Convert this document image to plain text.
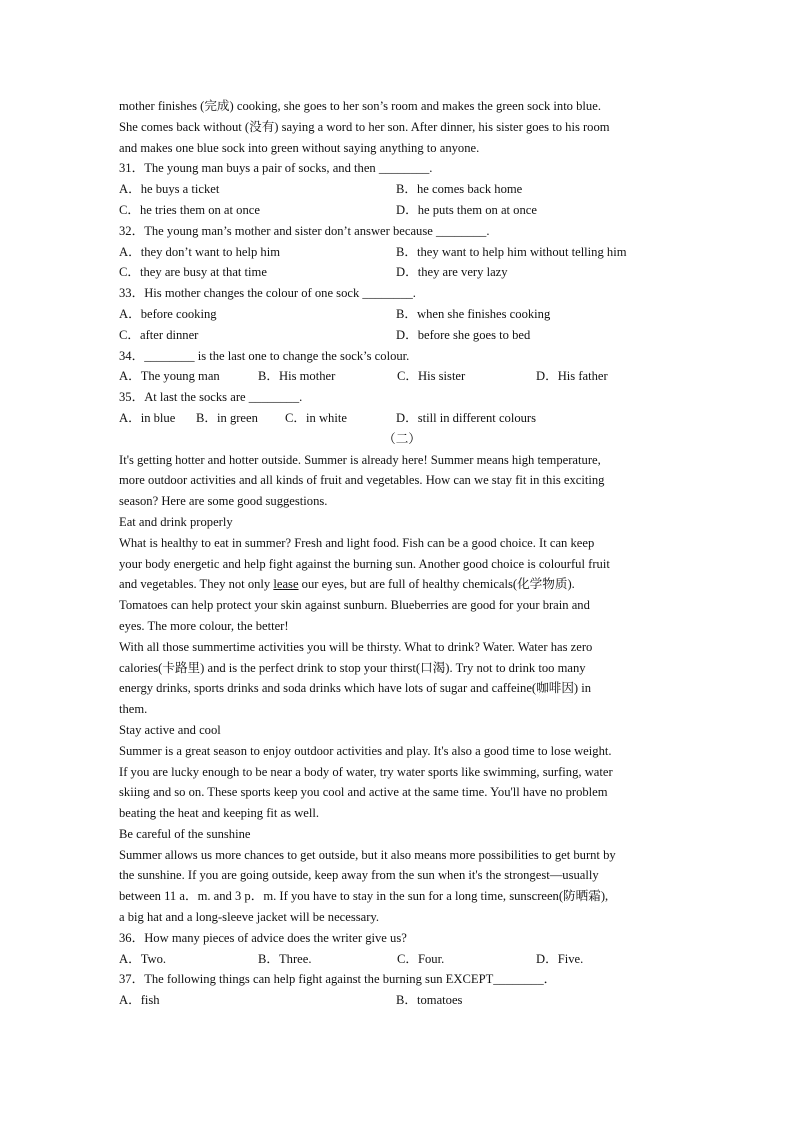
mother finishes (完成) cooking, she goes to her son’s room and makes the green sock into blue.
She comes back without (没有) saying a word to her son. After dinner, his sister goes to his room
and makes one blue sock into green without saying anything to anyone.
31．The young man buys a pair of socks, and then ________.
A．he buys a ticket	B．he comes back home
C．he tries them on at once	D．he puts them on at once
32．The young man’s mother and sister don’t answer because ________.
A．they don’t want to help him	B．they want to help him without telling him
C．they are busy at that time	D．they are very lazy
33．His mother changes the colour of one sock ________.
A．before cooking	B．when she finishes cooking
C．after dinner	D．before she goes to bed
34．________ is the last one to change the sock’s colour.
A．The young man	B．His mother	C．His sister	D．His father
35．At last the socks are ________.
A．in blue	B．in green	C．in white	D．still in different colours
（二）
It's getting hotter and hotter outside. Summer is already here! Summer means high temperature,
more outdoor activities and all kinds of fruit and vegetables. How can we stay fit in this exciting
season? Here are some good suggestions.
Eat and drink properly
What is healthy to eat in summer? Fresh and light food. Fish can be a good choice. It can keep
your body energetic and help fight against the burning sun. Another good choice is colourful fruit
and vegetables. They not only lease our eyes, but are full of healthy chemicals(化学物质).
Tomatoes can help protect your skin against sunburn. Blueberries are good for your brain and
eyes. The more colour, the better!
With all those summertime activities you will be thirsty. What to drink? Water. Water has zero
calories(卡路里) and is the perfect drink to stop your thirst(口渴). Try not to drink too many
energy drinks, sports drinks and soda drinks which have lots of sugar and caffeine(咖啡因) in
them.
Stay active and cool
Summer is a great season to enjoy outdoor activities and play. It's also a good time to lose weight.
If you are lucky enough to be near a body of water, try water sports like swimming, surfing, water
skiing and so on. These sports keep you cool and active at the same time. You'll have no problem
beating the heat and keeping fit as well.
Be careful of the sunshine
Summer allows us more chances to get outside, but it also means more possibilities to get burnt by
the sunshine. If you are going outside, keep away from the sun when it's the strongest—usually
between 11 a．m. and 3 p．m. If you have to stay in the sun for a long time, sunscreen(防晒霜),
a big hat and a long-sleeve jacket will be necessary.
36．How many pieces of advice does the writer give us?
A．Two.	B．Three.	C．Four.	D．Five.
37．The following things can help fight against the burning sun EXCEPT________．
A．fish	B．tomatoes
